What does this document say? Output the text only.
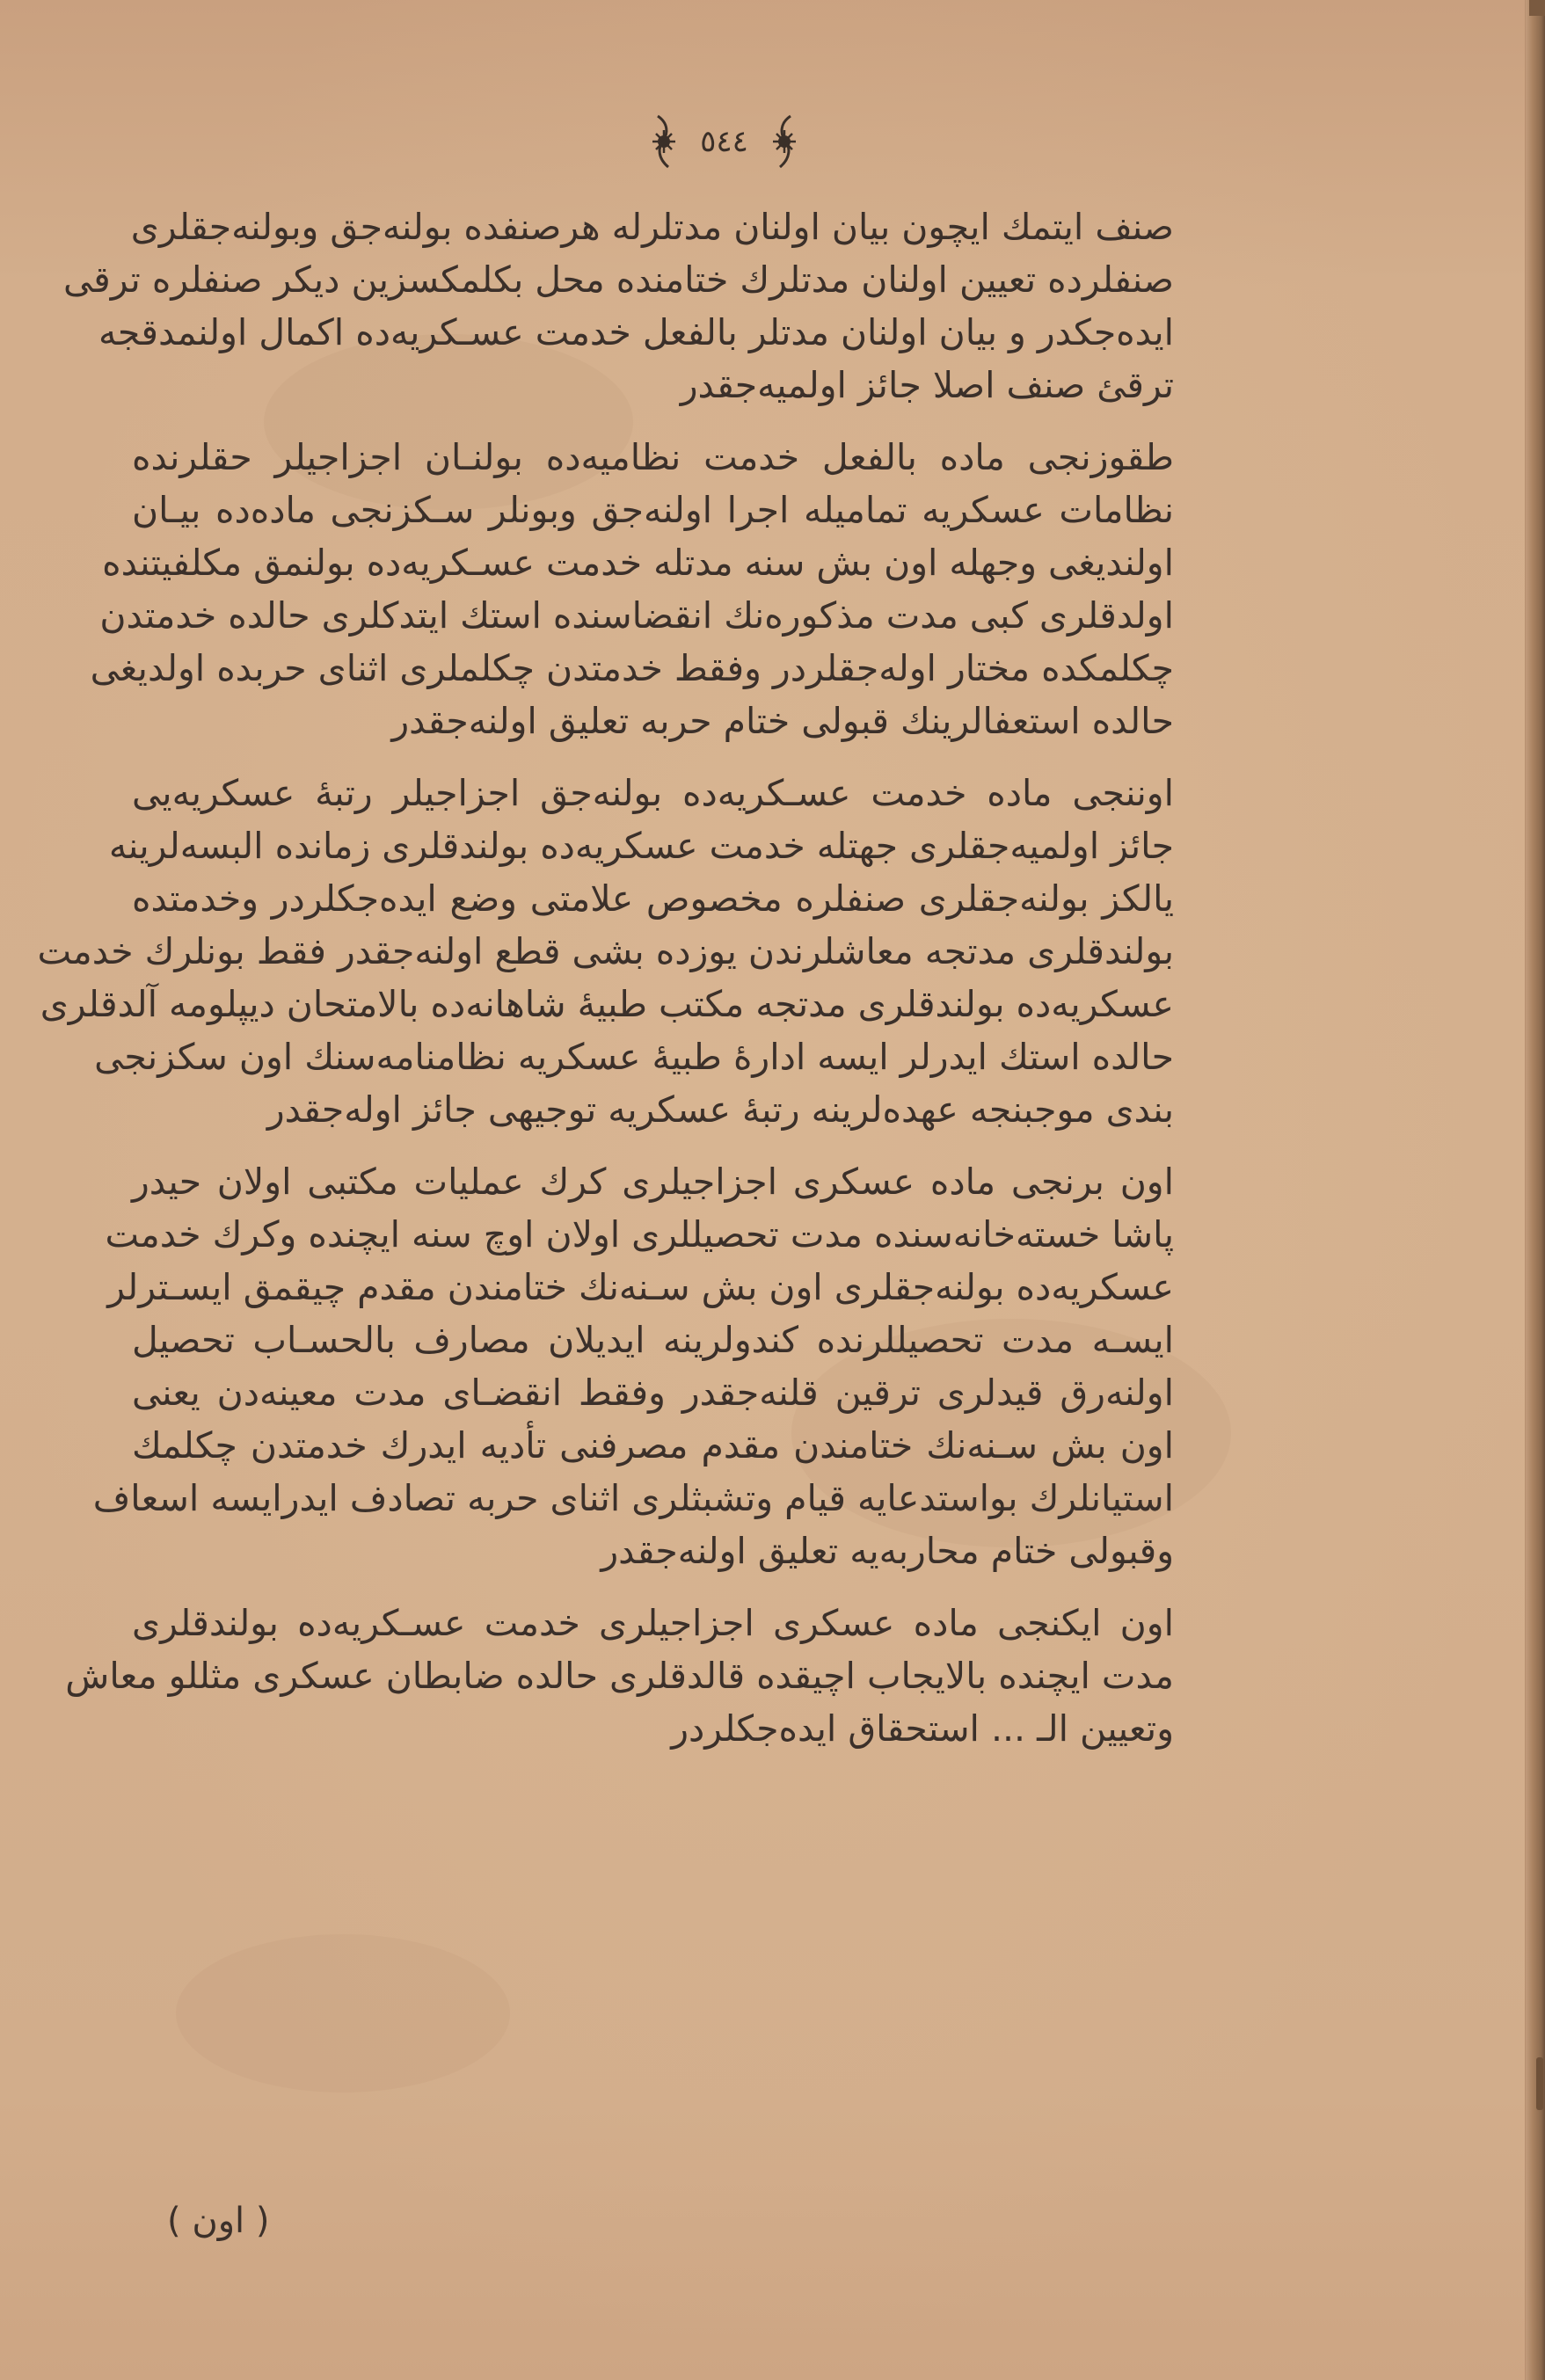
٥٤٤
صنف ایتمك ایچون بیان اولنان مدتلرله هرصنفده بولنه‌جق وبولنه‌جقلری
صنفلرده تعیین اولنان مدتلرك ختامنده محل بكلمكسزین دیكر صنفلره ترقی
ایده‌جكدر و بیان اولنان مدتلر بالفعل خدمت عسـكریه‌ده اكمال اولنمدقجه
ترقئ صنف اصلا جائز اولمیه‌جقدر
طقوزنجی ماده بالفعل خدمت نظامیه‌ده بولنـان اجزاجیلر حقلرنده
نظامات عسكریه تمامیله اجرا اولنه‌جق وبونلر سـكزنجی ماده‌ده بیـان
اولندیغی وجهله اون بش سنه مدتله خدمت عسـكریه‌ده بولنمق مكلفیتنده
اولدقلری كبی مدت مذكوره‌نك انقضاسنده استك ایتدكلری حالده خدمتدن
چكلمكده مختار اوله‌جقلردر وفقط خدمتدن چكلملری اثنای حربده اولدیغی
حالده استعفالرینك قبولی ختام حربه تعلیق اولنه‌جقدر
اوننجی ماده خدمت عسـكریه‌ده بولنه‌جق اجزاجیلر رتبهٔ عسكریه‌یی
جائز اولمیه‌جقلری جهتله خدمت عسكریه‌ده بولندقلری زمانده البسه‌لرینه
یالكز بولنه‌جقلری صنفلره مخصوص علامتی وضع ایده‌جكلردر وخدمتده
بولندقلری مدتجه معاشلرندن یوزده بشی قطع اولنه‌جقدر فقط بونلرك خدمت
عسكریه‌ده بولندقلری مدتجه مكتب طبیهٔ شاهانه‌ده بالامتحان دیپلومه آلدقلری
حالده استك ایدرلر ایسه ادارهٔ طبیهٔ عسكریه نظامنامه‌سنك اون سكزنجی
بندی موجبنجه عهده‌لرینه رتبهٔ عسكریه توجیهی جائز اوله‌جقدر
اون برنجی ماده عسكری اجزاجیلری كرك عملیات مكتبی اولان حیدر
پاشا خسته‌خانه‌سنده مدت تحصیللری اولان اوچ سنه ایچنده وكرك خدمت
عسكریه‌ده بولنه‌جقلری اون بش سـنه‌نك ختامندن مقدم چیقمق ایسـترلر
ایسـه مدت تحصیللرنده كندولرینه ایدیلان مصارف بالحسـاب تحصیل
اولنه‌رق قیدلری ترقین قلنه‌جقدر وفقط انقضـای مدت معینه‌دن یعنی
اون بش سـنه‌نك ختامندن مقدم مصرفنی تأدیه ایدرك خدمتدن چكلمك
استیانلرك بواستدعایه قیام وتشبثلری اثنای حربه تصادف ایدرایسه اسعاف
وقبولی ختام محاربه‌یه تعلیق اولنه‌جقدر
اون ایكنجی ماده عسكری اجزاجیلری خدمت عسـكریه‌ده بولندقلری
مدت ایچنده بالایجاب اچیقده قالدقلری حالده ضابطان عسكری مثللو معاش
وتعیین الـ ... استحقاق ایده‌جكلردر
( اون )
